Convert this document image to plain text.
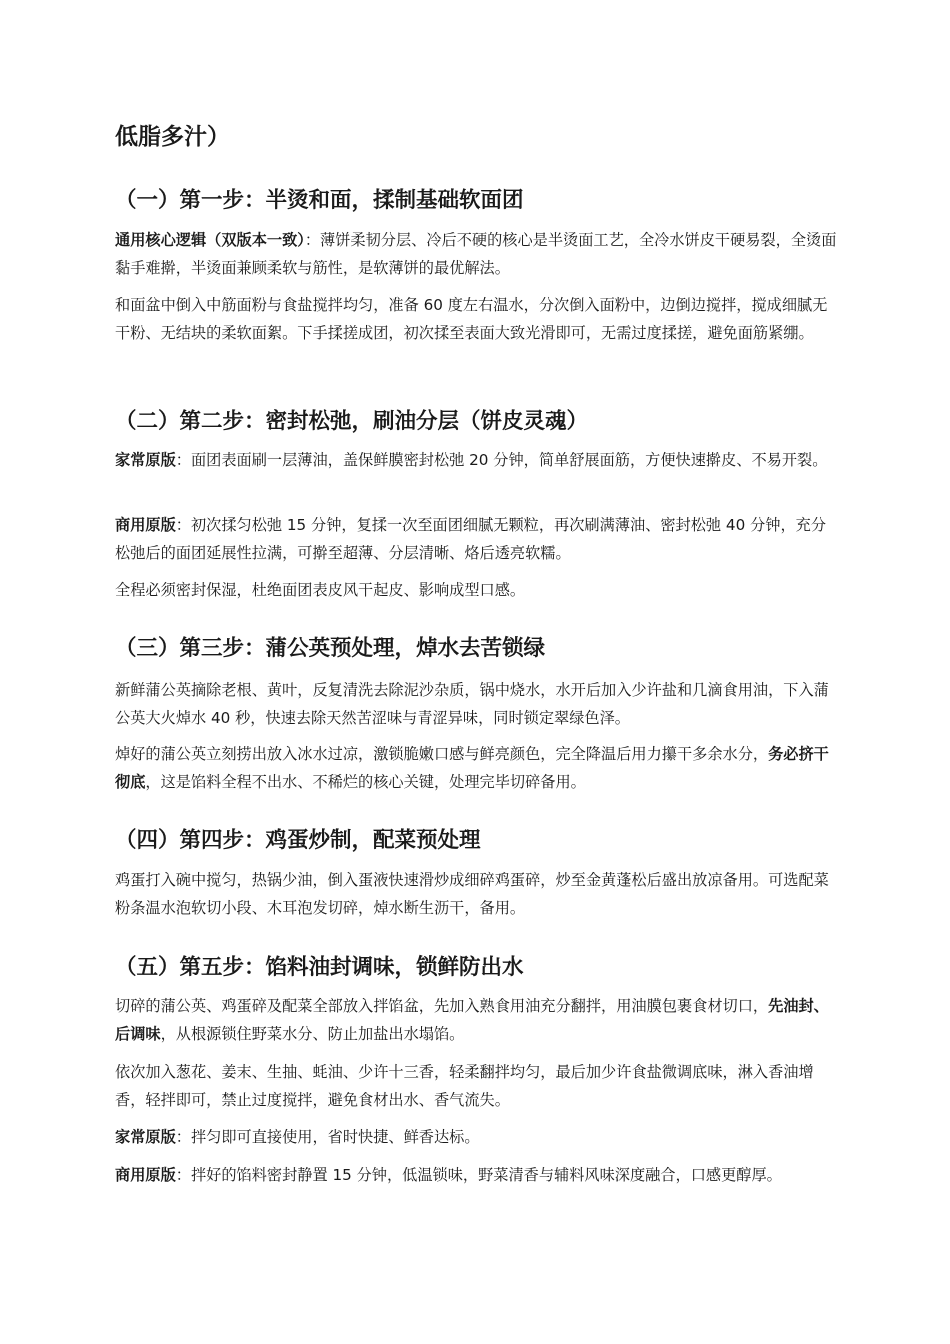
低脂多汁）
（一）第一步：半烫和面，揉制基础软面团

通用核心逻辑（双版本一致）：薄饼柔韧分层、冷后不硬的核心是半烫面工艺，全冷水饼皮干硬易裂，全烫面黏手难擀，半烫面兼顾柔软与筋性，是软薄饼的最优解法。

和面盆中倒入中筋面粉与食盐搅拌均匀，准备 60 度左右温水，分次倒入面粉中，边倒边搅拌，搅成细腻无干粉、无结块的柔软面絮。下手揉搓成团，初次揉至表面大致光滑即可，无需过度揉搓，避免面筋紧绷。

（二）第二步：密封松弛，刷油分层（饼皮灵魂）

家常原版：面团表面刷一层薄油，盖保鲜膜密封松弛 20 分钟，简单舒展面筋，方便快速擀皮、不易开裂。

商用原版：初次揉匀松弛 15 分钟，复揉一次至面团细腻无颗粒，再次刷满薄油、密封松弛 40 分钟，充分松弛后的面团延展性拉满，可擀至超薄、分层清晰、烙后透亮软糯。

全程必须密封保湿，杜绝面团表皮风干起皮、影响成型口感。

（三）第三步：蒲公英预处理，焯水去苦锁绿

新鲜蒲公英摘除老根、黄叶，反复清洗去除泥沙杂质，锅中烧水，水开后加入少许盐和几滴食用油，下入蒲公英大火焯水 40 秒，快速去除天然苦涩味与青涩异味，同时锁定翠绿色泽。

焯好的蒲公英立刻捞出放入冰水过凉，激锁脆嫩口感与鲜亮颜色，完全降温后用力攥干多余水分，务必挤干彻底，这是馅料全程不出水、不稀烂的核心关键，处理完毕切碎备用。

（四）第四步：鸡蛋炒制，配菜预处理

鸡蛋打入碗中搅匀，热锅少油，倒入蛋液快速滑炒成细碎鸡蛋碎，炒至金黄蓬松后盛出放凉备用。可选配菜粉条温水泡软切小段、木耳泡发切碎，焯水断生沥干，备用。

（五）第五步：馅料油封调味，锁鲜防出水

切碎的蒲公英、鸡蛋碎及配菜全部放入拌馅盆，先加入熟食用油充分翻拌，用油膜包裹食材切口，先油封、后调味，从根源锁住野菜水分、防止加盐出水塌馅。

依次加入葱花、姜末、生抽、蚝油、少许十三香，轻柔翻拌均匀，最后加少许食盐微调底味，淋入香油增香，轻拌即可，禁止过度搅拌，避免食材出水、香气流失。

家常原版：拌匀即可直接使用，省时快捷、鲜香达标。

商用原版：拌好的馅料密封静置 15 分钟，低温锁味，野菜清香与辅料风味深度融合，口感更醇厚。
